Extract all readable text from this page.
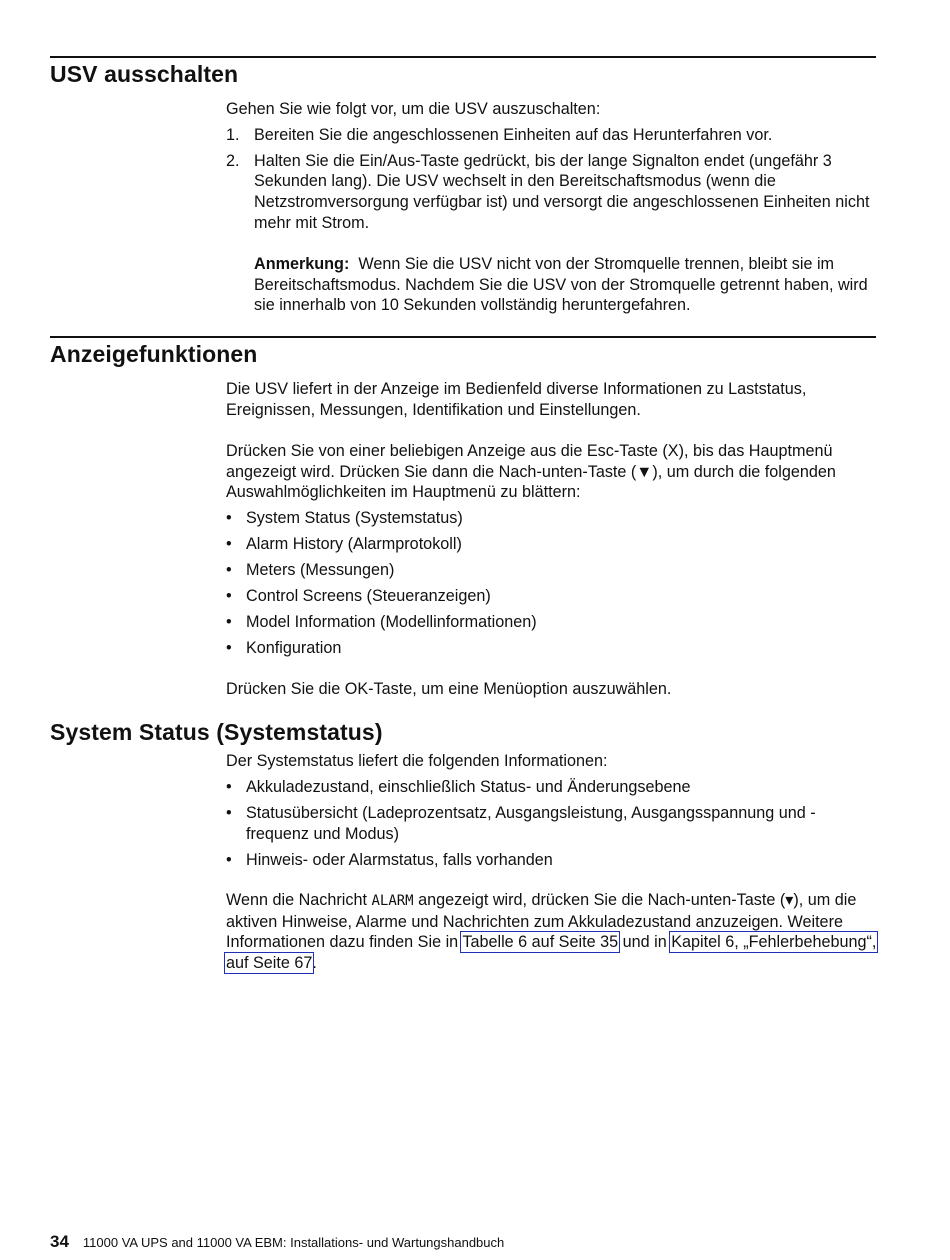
USV ausschalten

Gehen Sie wie folgt vor, um die USV auszuschalten:

1. Bereiten Sie die angeschlossenen Einheiten auf das Herunterfahren vor.
2. Halten Sie die Ein/Aus-Taste gedrückt, bis der lange Signalton endet (ungefähr 3 Sekunden lang). Die USV wechselt in den Bereitschaftsmodus (wenn die Netzstromversorgung verfügbar ist) und versorgt die angeschlossenen Einheiten nicht mehr mit Strom.
Anmerkung: Wenn Sie die USV nicht von der Stromquelle trennen, bleibt sie im Bereitschaftsmodus. Nachdem Sie die USV von der Stromquelle getrennt haben, wird sie innerhalb von 10 Sekunden vollständig heruntergefahren.
Anzeigefunktionen

Die USV liefert in der Anzeige im Bedienfeld diverse Informationen zu Laststatus, Ereignissen, Messungen, Identifikation und Einstellungen.

Drücken Sie von einer beliebigen Anzeige aus die Esc-Taste (X), bis das Hauptmenü angezeigt wird. Drücken Sie dann die Nach-unten-Taste (▼), um durch die folgenden Auswahlmöglichkeiten im Hauptmenü zu blättern:

• System Status (Systemstatus)
• Alarm History (Alarmprotokoll)
• Meters (Messungen)
• Control Screens (Steueranzeigen)
• Model Information (Modellinformationen)
• Konfiguration

Drücken Sie die OK-Taste, um eine Menüoption auszuwählen.

System Status (Systemstatus)

Der Systemstatus liefert die folgenden Informationen:

• Akkuladezustand, einschließlich Status- und Änderungsebene
• Statusübersicht (Ladeprozentsatz, Ausgangsleistung, Ausgangsspannung und -frequenz und Modus)
• Hinweis- oder Alarmstatus, falls vorhanden

Wenn die Nachricht ALARM angezeigt wird, drücken Sie die Nach-unten-Taste (▾), um die aktiven Hinweise, Alarme und Nachrichten zum Akkuladezustand anzuzeigen. Weitere Informationen dazu finden Sie in Tabelle 6 auf Seite 35 und in Kapitel 6, „Fehlerbehebung“, auf Seite 67.

34 11000 VA UPS and 11000 VA EBM: Installations- und Wartungshandbuch
